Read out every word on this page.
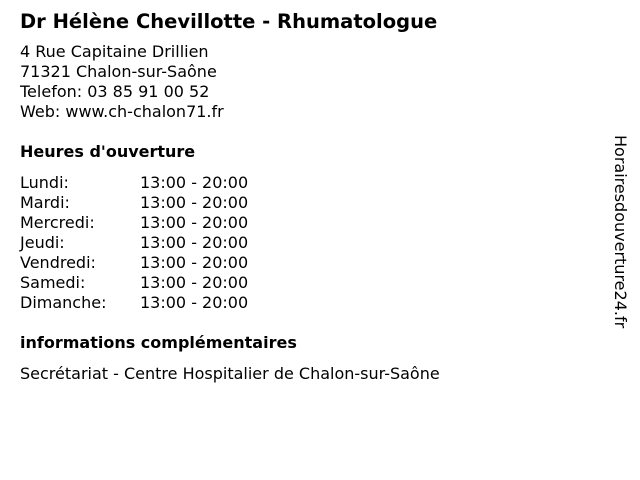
Dr Hélène Chevillotte - Rhumatologue
4 Rue Capitaine Drillien
71321 Chalon-sur-Saône
Telefon: 03 85 91 00 52
Web: www.ch-chalon71.fr
Heures d'ouverture
Lundi:	13:00 - 20:00
Mardi:	13:00 - 20:00
Mercredi:	13:00 - 20:00
Jeudi:	13:00 - 20:00
Vendredi:	13:00 - 20:00
Samedi:	13:00 - 20:00
Dimanche:	13:00 - 20:00
informations complémentaires
Secrétariat - Centre Hospitalier de Chalon-sur-Saône
Horairesdouverture24.fr
